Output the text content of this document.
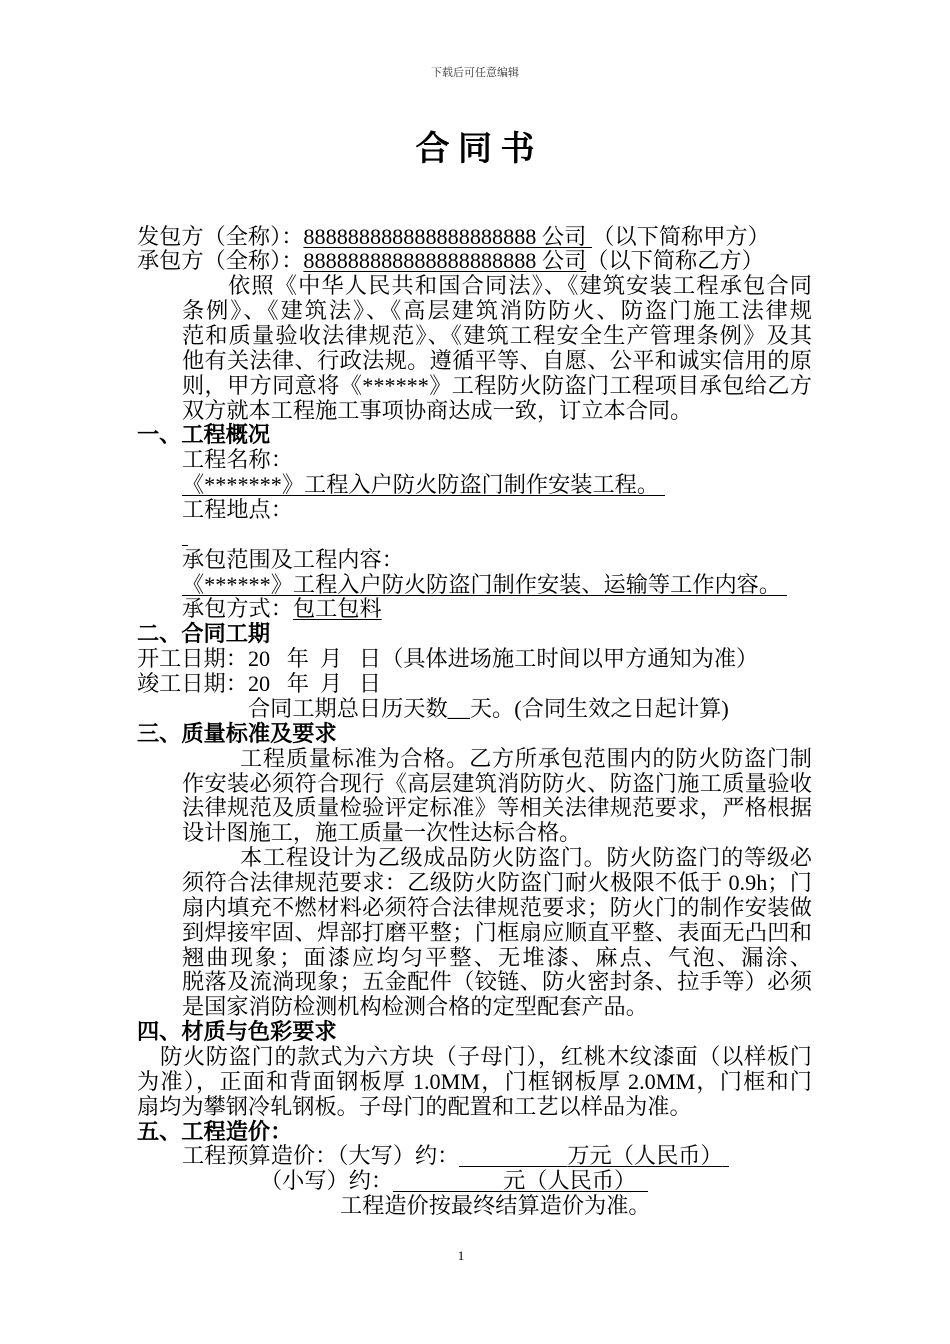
下载后可任意编辑
合 同 书
发包方（全称）：888888888888888888888 公司 （以下简称甲方）
承包方（全称）：888888888888888888888 公司（以下简称乙方）
依照《中华人民共和国合同法》、《建筑安装工程承包合同
条例》、《建筑法》、《高层建筑消防防火、防盗门施工法律规
范和质量验收法律规范》、《建筑工程安全生产管理条例》及其
他有关法律、行政法规。遵循平等、自愿、公平和诚实信用的原
则，甲方同意将《******》工程防火防盗门工程项目承包给乙方
双方就本工程施工事项协商达成一致，订立本合同。
一、工程概况
工程名称：
《*******》工程入户防火防盗门制作安装工程。
工程地点：
承包范围及工程内容：
《******》工程入户防火防盗门制作安装、运输等工作内容。
承包方式：包工包料
二、合同工期
开工日期：20   年  月   日（具体进场施工时间以甲方通知为准）
竣工日期：20   年  月   日
合同工期总日历天数__天。(合同生效之日起计算)
三、质量标准及要求
工程质量标准为合格。乙方所承包范围内的防火防盗门制
作安装必须符合现行《高层建筑消防防火、防盗门施工质量验收
法律规范及质量检验评定标准》等相关法律规范要求，严格根据
设计图施工，施工质量一次性达标合格。
本工程设计为乙级成品防火防盗门。防火防盗门的等级必
须符合法律规范要求：乙级防火防盗门耐火极限不低于 0.9h；门
扇内填充不燃材料必须符合法律规范要求；防火门的制作安装做
到焊接牢固、焊部打磨平整；门框扇应顺直平整、表面无凸凹和
翘曲现象；面漆应均匀平整、无堆漆、麻点、气泡、漏涂、
脱落及流淌现象；五金配件（铰链、防火密封条、拉手等）必须
是国家消防检测机构检测合格的定型配套产品。
四、材质与色彩要求
防火防盗门的款式为六方块（子母门），红桃木纹漆面（以样板门
为准），正面和背面钢板厚 1.0MM，门框钢板厚 2.0MM，门框和门
扇均为攀钢冷轧钢板。子母门的配置和工艺以样品为准。
五、工程造价：
工程预算造价：（大写）约：	万元（人民币）
（小写）约：	元（人民币）
工程造价按最终结算造价为准。
1
